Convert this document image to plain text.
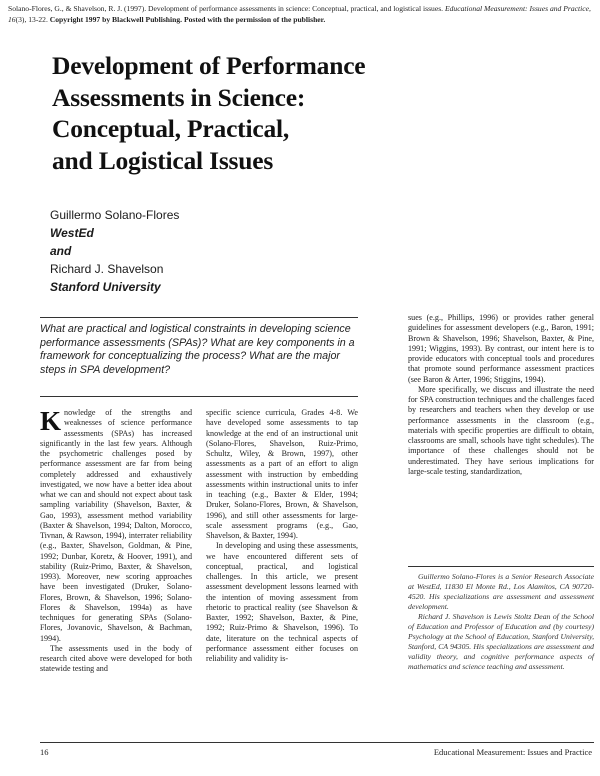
Solano-Flores, G., & Shavelson, R. J. (1997). Development of performance assessments in science: Conceptual, practical, and logistical issues. Educational Measurement: Issues and Practice, 16(3), 13-22. Copyright 1997 by Blackwell Publishing. Posted with the permission of the publisher.
Development of Performance
Assessments in Science:
Conceptual, Practical,
and Logistical Issues
Guillermo Solano-Flores
WestEd
and
Richard J. Shavelson
Stanford University

What are practical and logistical constraints in developing science performance assessments (SPAs)? What are key components in a framework for conceptualizing the process? What are the major steps in SPA development?

Knowledge of the strengths and weaknesses of science performance assessments (SPAs) has increased significantly in the last few years. Although the psychometric challenges posed by performance assessment are far from being completely addressed and exhaustively investigated, we now have a better idea about what we can and should not expect about task sampling variability (Shavelson, Baxter, & Gao, 1993), assessment method variability (Baxter & Shavelson, 1994; Dalton, Morocco, Tivnan, & Rawson, 1994), interrater reliability (e.g., Baxter, Shavelson, Goldman, & Pine, 1992; Dunbar, Koretz, & Hoover, 1991), and stability (Ruiz-Primo, Baxter, & Shavelson, 1993). Moreover, new scoring approaches have been investigated (Druker, Solano-Flores, Brown, & Shavelson, 1996; Solano-Flores & Shavelson, 1994a) as have techniques for generating SPAs (Solano-Flores, Jovanovic, Shavelson, & Bachman, 1994).

The assessments used in the body of research cited above were developed for both statewide testing and

specific science curricula, Grades 4-8. We have developed some assessments to tap knowledge at the end of an instructional unit (Solano-Flores, Shavelson, Ruiz-Primo, Schultz, Wiley, & Brown, 1997), other assessments as a part of an effort to align assessment with instruction by embedding assessments within instructional units to infer in teaching (e.g., Baxter & Elder, 1994; Druker, Solano-Flores, Brown, & Shavelson, 1996), and still other assessments for large-scale assessment programs (e.g., Gao, Shavelson, & Baxter, 1994).

In developing and using these assessments, we have encountered different sets of conceptual, practical, and logistical challenges. In this article, we present assessment development lessons learned with the intention of moving assessment from rhetoric to practical reality (see Shavelson & Baxter, 1992; Shavelson, Baxter, & Pine, 1992; Ruiz-Primo & Shavelson, 1996). To date, literature on the technical aspects of performance assessment either focuses on reliability and validity is-

sues (e.g., Phillips, 1996) or provides rather general guidelines for assessment developers (e.g., Baron, 1991; Brown & Shavelson, 1996; Shavelson, Baxter, & Pine, 1991; Wiggins, 1993). By contrast, our intent here is to provide educators with conceptual tools and procedures that promote sound performance assessment practices (see Baron & Arter, 1996; Stiggins, 1994).

More specifically, we discuss and illustrate the need for SPA construction techniques and the challenges faced by researchers and teachers when they develop or use performance assessments in the classroom (e.g., materials with specific properties are difficult to obtain, classrooms are small, schools have tight schedules). The importance of these challenges should not be underestimated. They have serious implications for large-scale testing, standardization,

Guillermo Solano-Flores is a Senior Research Associate at WestEd, 11830 El Monte Rd., Los Alamitos, CA 90720-4520. His specializations are assessment and assessment development.

Richard J. Shavelson is Lewis Stoltz Dean of the School of Education and Professor of Education and (by courtesy) Psychology at the School of Education, Stanford University, Stanford, CA 94305. His specializations are assessment and validity theory, and cognitive performance aspects of mathematics and science teaching and assessment.

16	Educational Measurement: Issues and Practice
